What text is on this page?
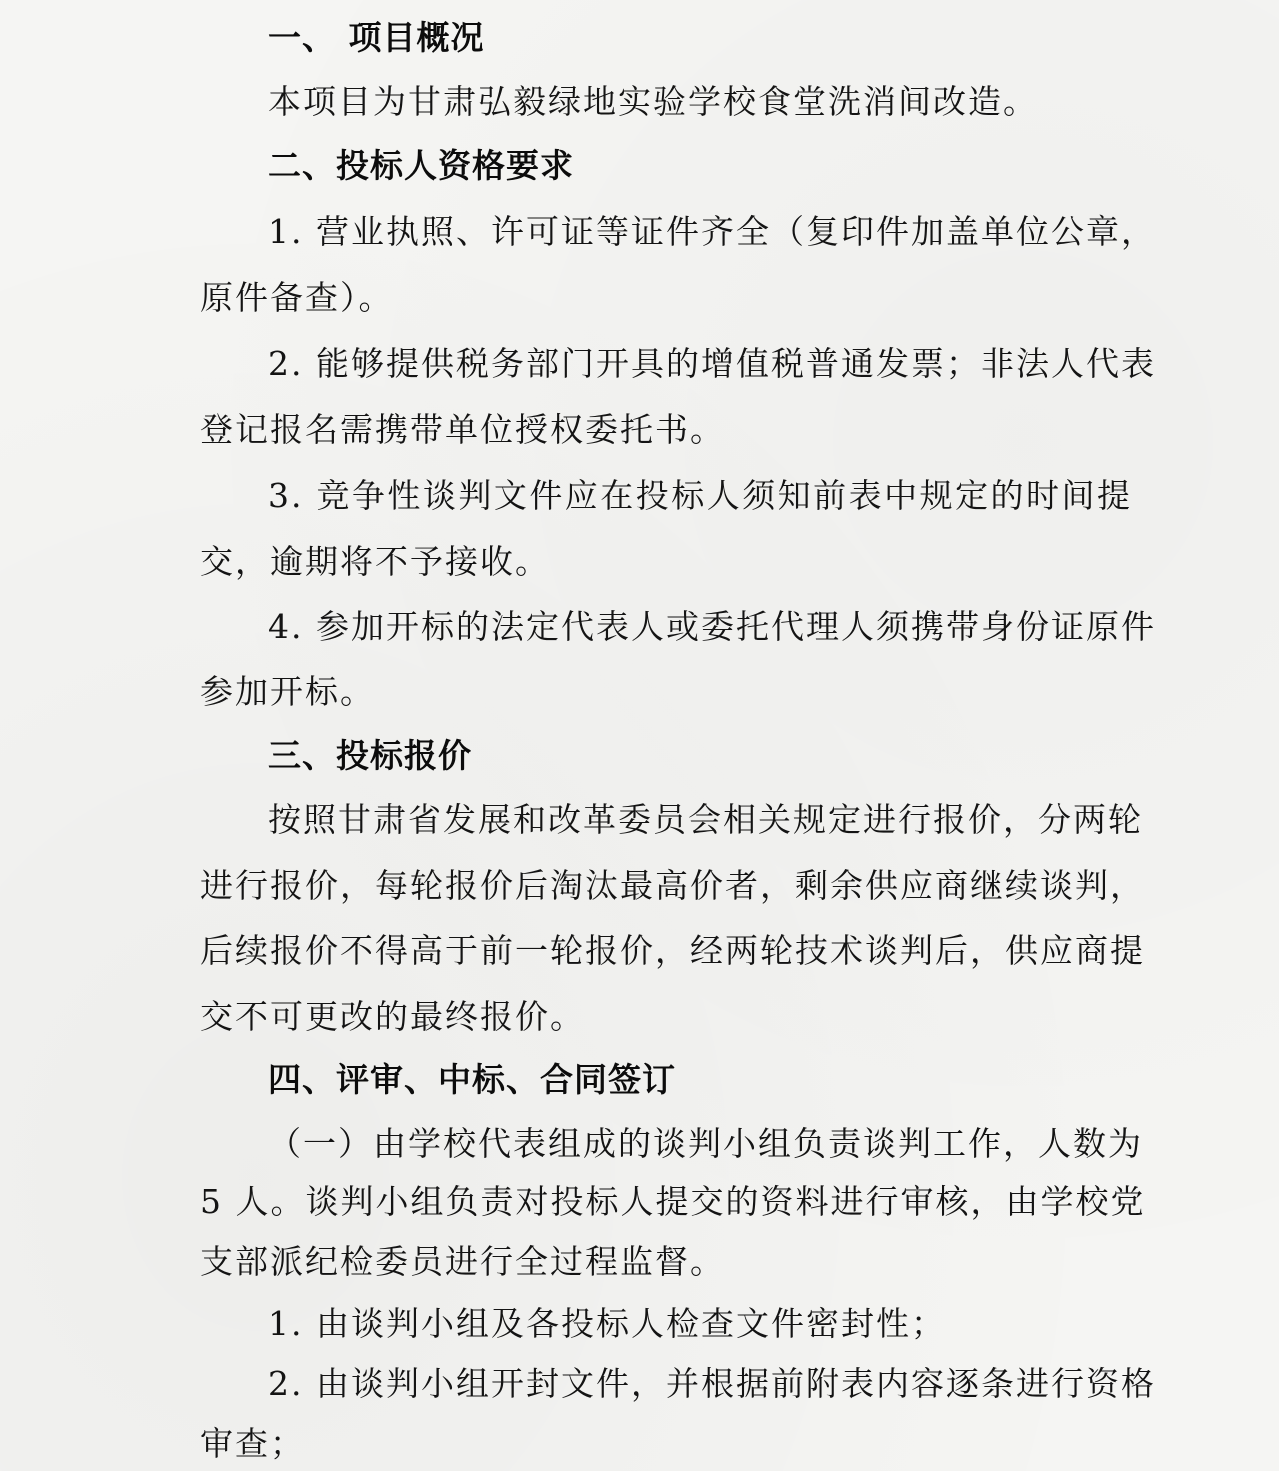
一、 项目概况
本项目为甘肃弘毅绿地实验学校食堂洗消间改造。
二、投标人资格要求
1. 营业执照、许可证等证件齐全（复印件加盖单位公章，
原件备查）。
2. 能够提供税务部门开具的增值税普通发票；非法人代表
登记报名需携带单位授权委托书。
3. 竞争性谈判文件应在投标人须知前表中规定的时间提
交，逾期将不予接收。
4. 参加开标的法定代表人或委托代理人须携带身份证原件
参加开标。
三、投标报价
按照甘肃省发展和改革委员会相关规定进行报价，分两轮
进行报价，每轮报价后淘汰最高价者，剩余供应商继续谈判，
后续报价不得高于前一轮报价，经两轮技术谈判后，供应商提
交不可更改的最终报价。
四、评审、中标、合同签订
（一）由学校代表组成的谈判小组负责谈判工作，人数为
5 人。谈判小组负责对投标人提交的资料进行审核，由学校党
支部派纪检委员进行全过程监督。
1. 由谈判小组及各投标人检查文件密封性；
2. 由谈判小组开封文件，并根据前附表内容逐条进行资格
审查；
